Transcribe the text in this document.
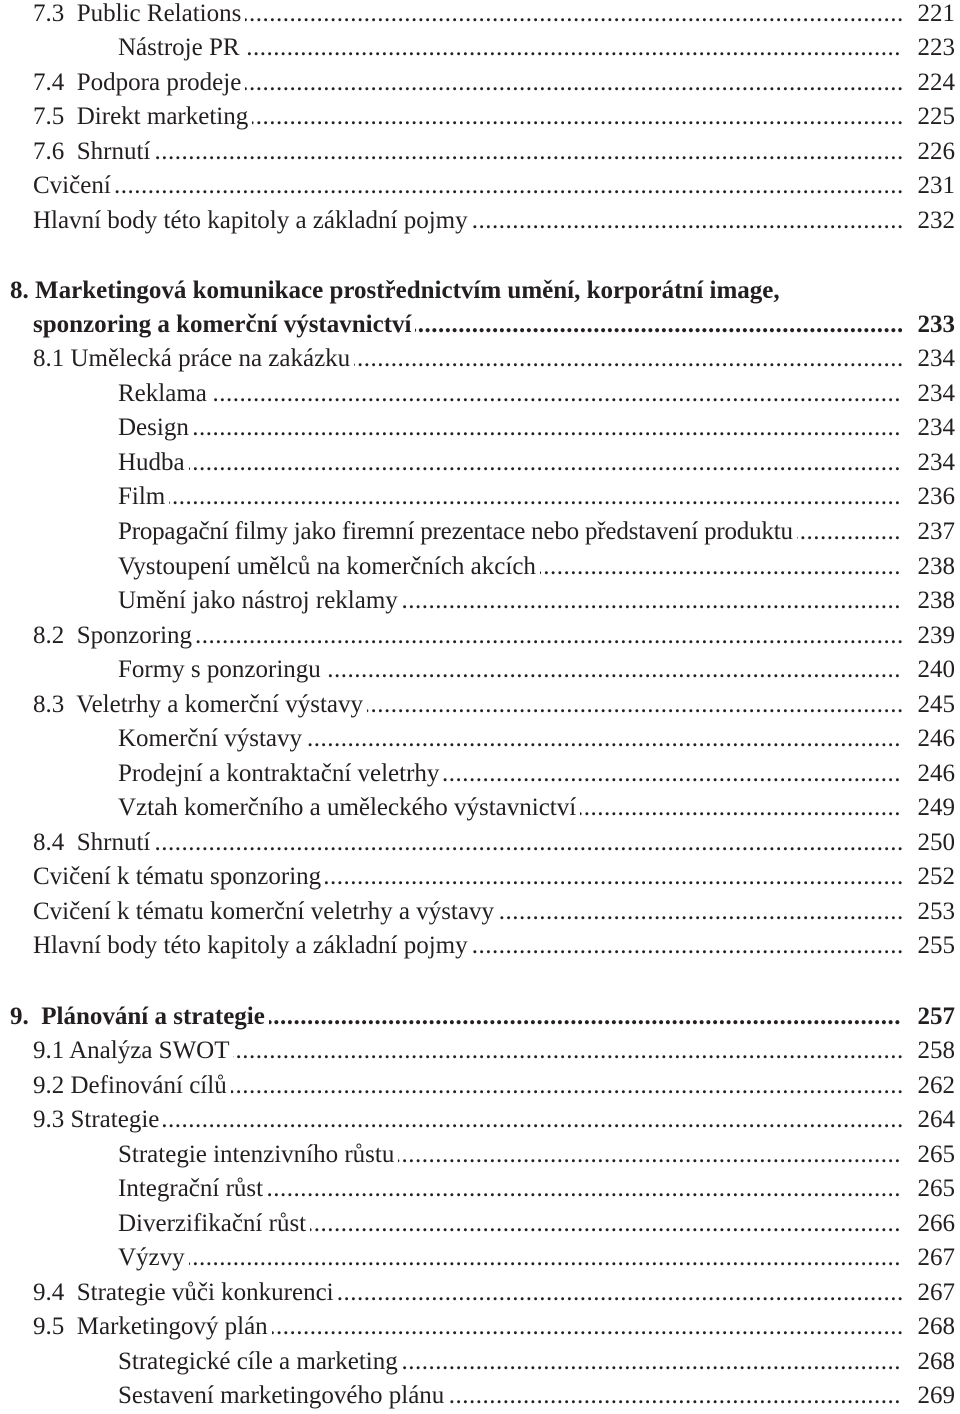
7.3  Public Relations .....	221
Nástroje PR .....	223
7.4  Podpora prodeje .....	224
7.5  Direkt marketing .....	225
7.6  Shrnutí .....	226
Cvičení .....	231
Hlavní body této kapitoly a základní pojmy .....	232
8. Marketingová komunikace prostřednictvím umění, korporátní image,
sponzoring a komerční výstavnictví .....	233
8.1 Umělecká práce na zakázku .....	234
Reklama .....	234
Design .....	234
Hudba .....	234
Film .....	236
Propagační filmy jako firemní prezentace nebo představení produktu .....	237
Vystoupení umělců na komerčních akcích .....	238
Umění jako nástroj reklamy .....	238
8.2  Sponzoring .....	239
Formy s ponzoringu .....	240
8.3  Veletrhy a komerční výstavy .....	245
Komerční výstavy .....	246
Prodejní a kontraktační veletrhy .....	246
Vztah komerčního a uměleckého výstavnictví .....	249
8.4  Shrnutí .....	250
Cvičení k tématu sponzoring .....	252
Cvičení k tématu komerční veletrhy a výstavy .....	253
Hlavní body této kapitoly a základní pojmy .....	255
9.  Plánování a strategie .....	257
9.1 Analýza SWOT .....	258
9.2 Definování cílů .....	262
9.3 Strategie .....	264
Strategie intenzivního růstu .....	265
Integrační růst .....	265
Diverzifikační růst .....	266
Výzvy .....	267
9.4  Strategie vůči konkurenci .....	267
9.5  Marketingový plán .....	268
Strategické cíle a marketing .....	268
Sestavení marketingového plánu .....	269
